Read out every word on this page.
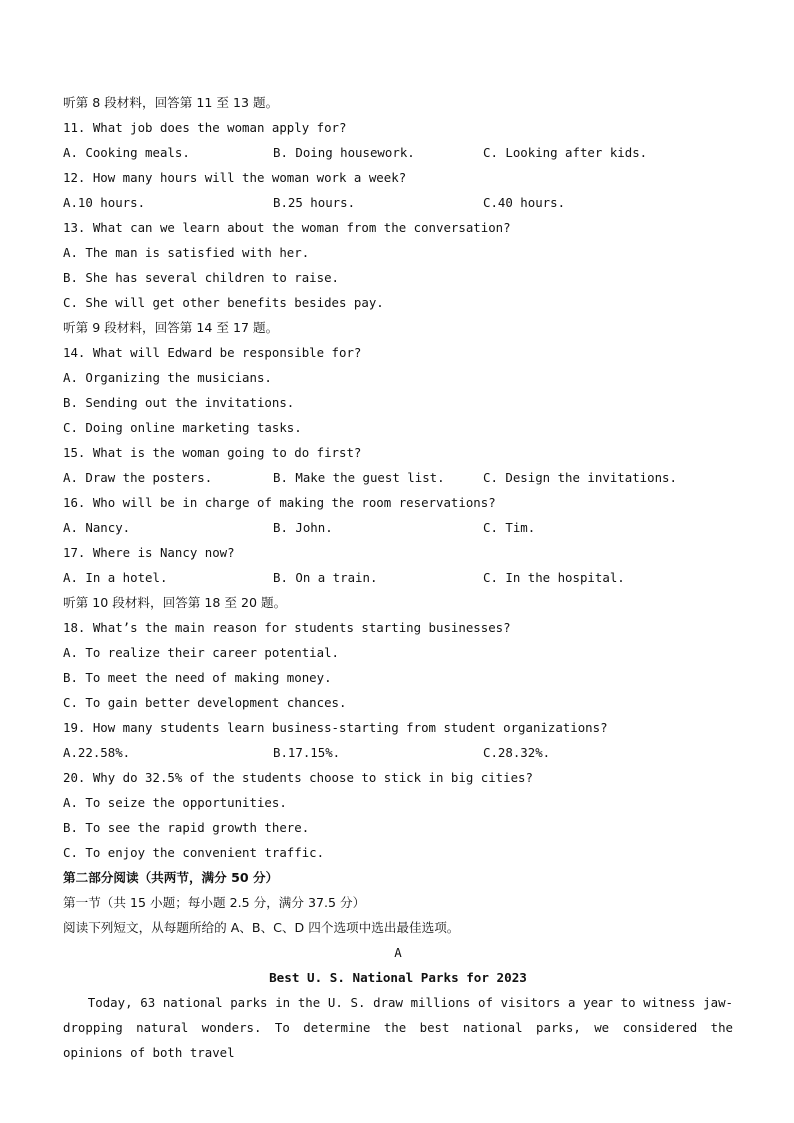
听第 8 段材料，回答第 11 至 13 题。
11. What job does the woman apply for?
A. Cooking meals.	B. Doing housework.	C. Looking after kids.
12. How many hours will the woman work a week?
A.10 hours.	B.25 hours.	C.40 hours.
13. What can we learn about the woman from the conversation?
A. The man is satisfied with her.
B. She has several children to raise.
C. She will get other benefits besides pay.
听第 9 段材料，回答第 14 至 17 题。
14. What will Edward be responsible for?
A. Organizing the musicians.
B. Sending out the invitations.
C. Doing online marketing tasks.
15. What is the woman going to do first?
A. Draw the posters.	B. Make the guest list.	C. Design the invitations.
16. Who will be in charge of making the room reservations?
A. Nancy.	B. John.	C. Tim.
17. Where is Nancy now?
A. In a hotel.	B. On a train.	C. In the hospital.
听第 10 段材料，回答第 18 至 20 题。
18. What’s the main reason for students starting businesses?
A. To realize their career potential.
B. To meet the need of making money.
C. To gain better development chances.
19. How many students learn business-starting from student organizations?
A.22.58%.	B.17.15%.	C.28.32%.
20. Why do 32.5% of the students choose to stick in big cities?
A. To seize the opportunities.
B. To see the rapid growth there.
C. To enjoy the convenient traffic.
第二部分阅读（共两节，满分 50 分）
第一节（共 15 小题；每小题 2.5 分，满分 37.5 分）
阅读下列短文，从每题所给的 A、B、C、D 四个选项中选出最佳选项。
A
Best U. S. National Parks for 2023
Today, 63 national parks in the U. S. draw millions of visitors a year to witness jaw-dropping natural wonders. To determine the best national parks, we considered the opinions of both travel
